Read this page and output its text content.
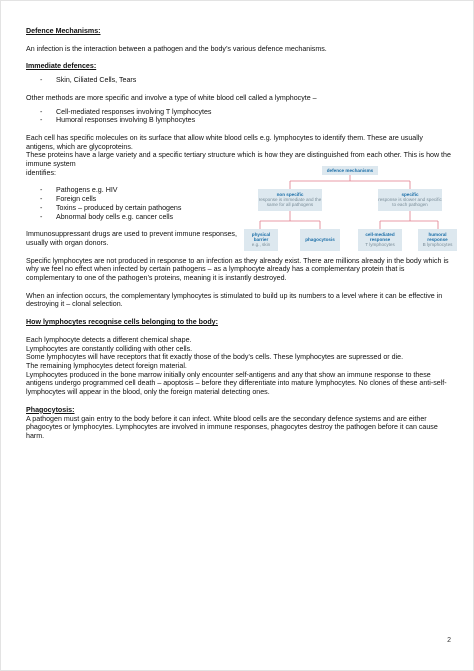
Defence Mechanisms:

An infection is the interaction between a pathogen and the body’s various defence mechanisms.

Immediate defences:

- Skin, Ciliated Cells, Tears

Other methods are more specific and involve a type of white blood cell called a lymphocyte –

- Cell-mediated responses involving T lymphocytes
- Humoral responses involving B lymphocytes

Each cell has specific molecules on its surface that allow white blood cells e.g. lymphocytes to identify them. These are usually antigens, which are glycoproteins.

These proteins have a large variety and a specific tertiary structure which is how they are distinguished from each other. This is how the immune system

identifies:

- Pathogens e.g. HIV
- Foreign cells
- Toxins – produced by certain pathogens
- Abnormal body cells e.g. cancer cells

Immunosuppressant drugs are used to prevent immune responses, usually with organ donors.

defence mechanisms
non specific
response is immediate and the same for all pathogens
specific
response is slower and specific to each pathogen
physical barrier
e.g., skin
phagocytosis
cell-mediated response
T lymphocytes
humoral response
B lymphocytes

Specific lymphocytes are not produced in response to an infection as they already exist. There are millions already in the body which is why we feel no effect when infected by certain pathogens – as a lymphocyte already has a complementary protein that is complementary to one of the pathogen’s proteins, meaning it is instantly destroyed.

When an infection occurs, the complementary lymphocytes is stimulated to build up its numbers to a level where it can be effective in destroying it – clonal selection.

How lymphocytes recognise cells belonging to the body:

Each lymphocyte detects a different chemical shape.

Lymphocytes are constantly colliding with other cells.

Some lymphocytes will have receptors that fit exactly those of the body’s cells. These lymphocytes are supressed or die.

The remaining lymphocytes detect foreign material.

Lymphocytes produced in the bone marrow initially only encounter self-antigens and any that show an immune response to these antigens undergo programmed cell death – apoptosis – before they differentiate into mature lymphocytes. No clones of these anti-self-lymphocytes will appear in the blood, only the foreign material detecting ones.

Phagocytosis:

A pathogen must gain entry to the body before it can infect. White blood cells are the secondary defence systems and are either phagocytes or lymphocytes. Lymphocytes are involved in immune responses, phagocytes destroy the pathogen before it can cause harm.

2
